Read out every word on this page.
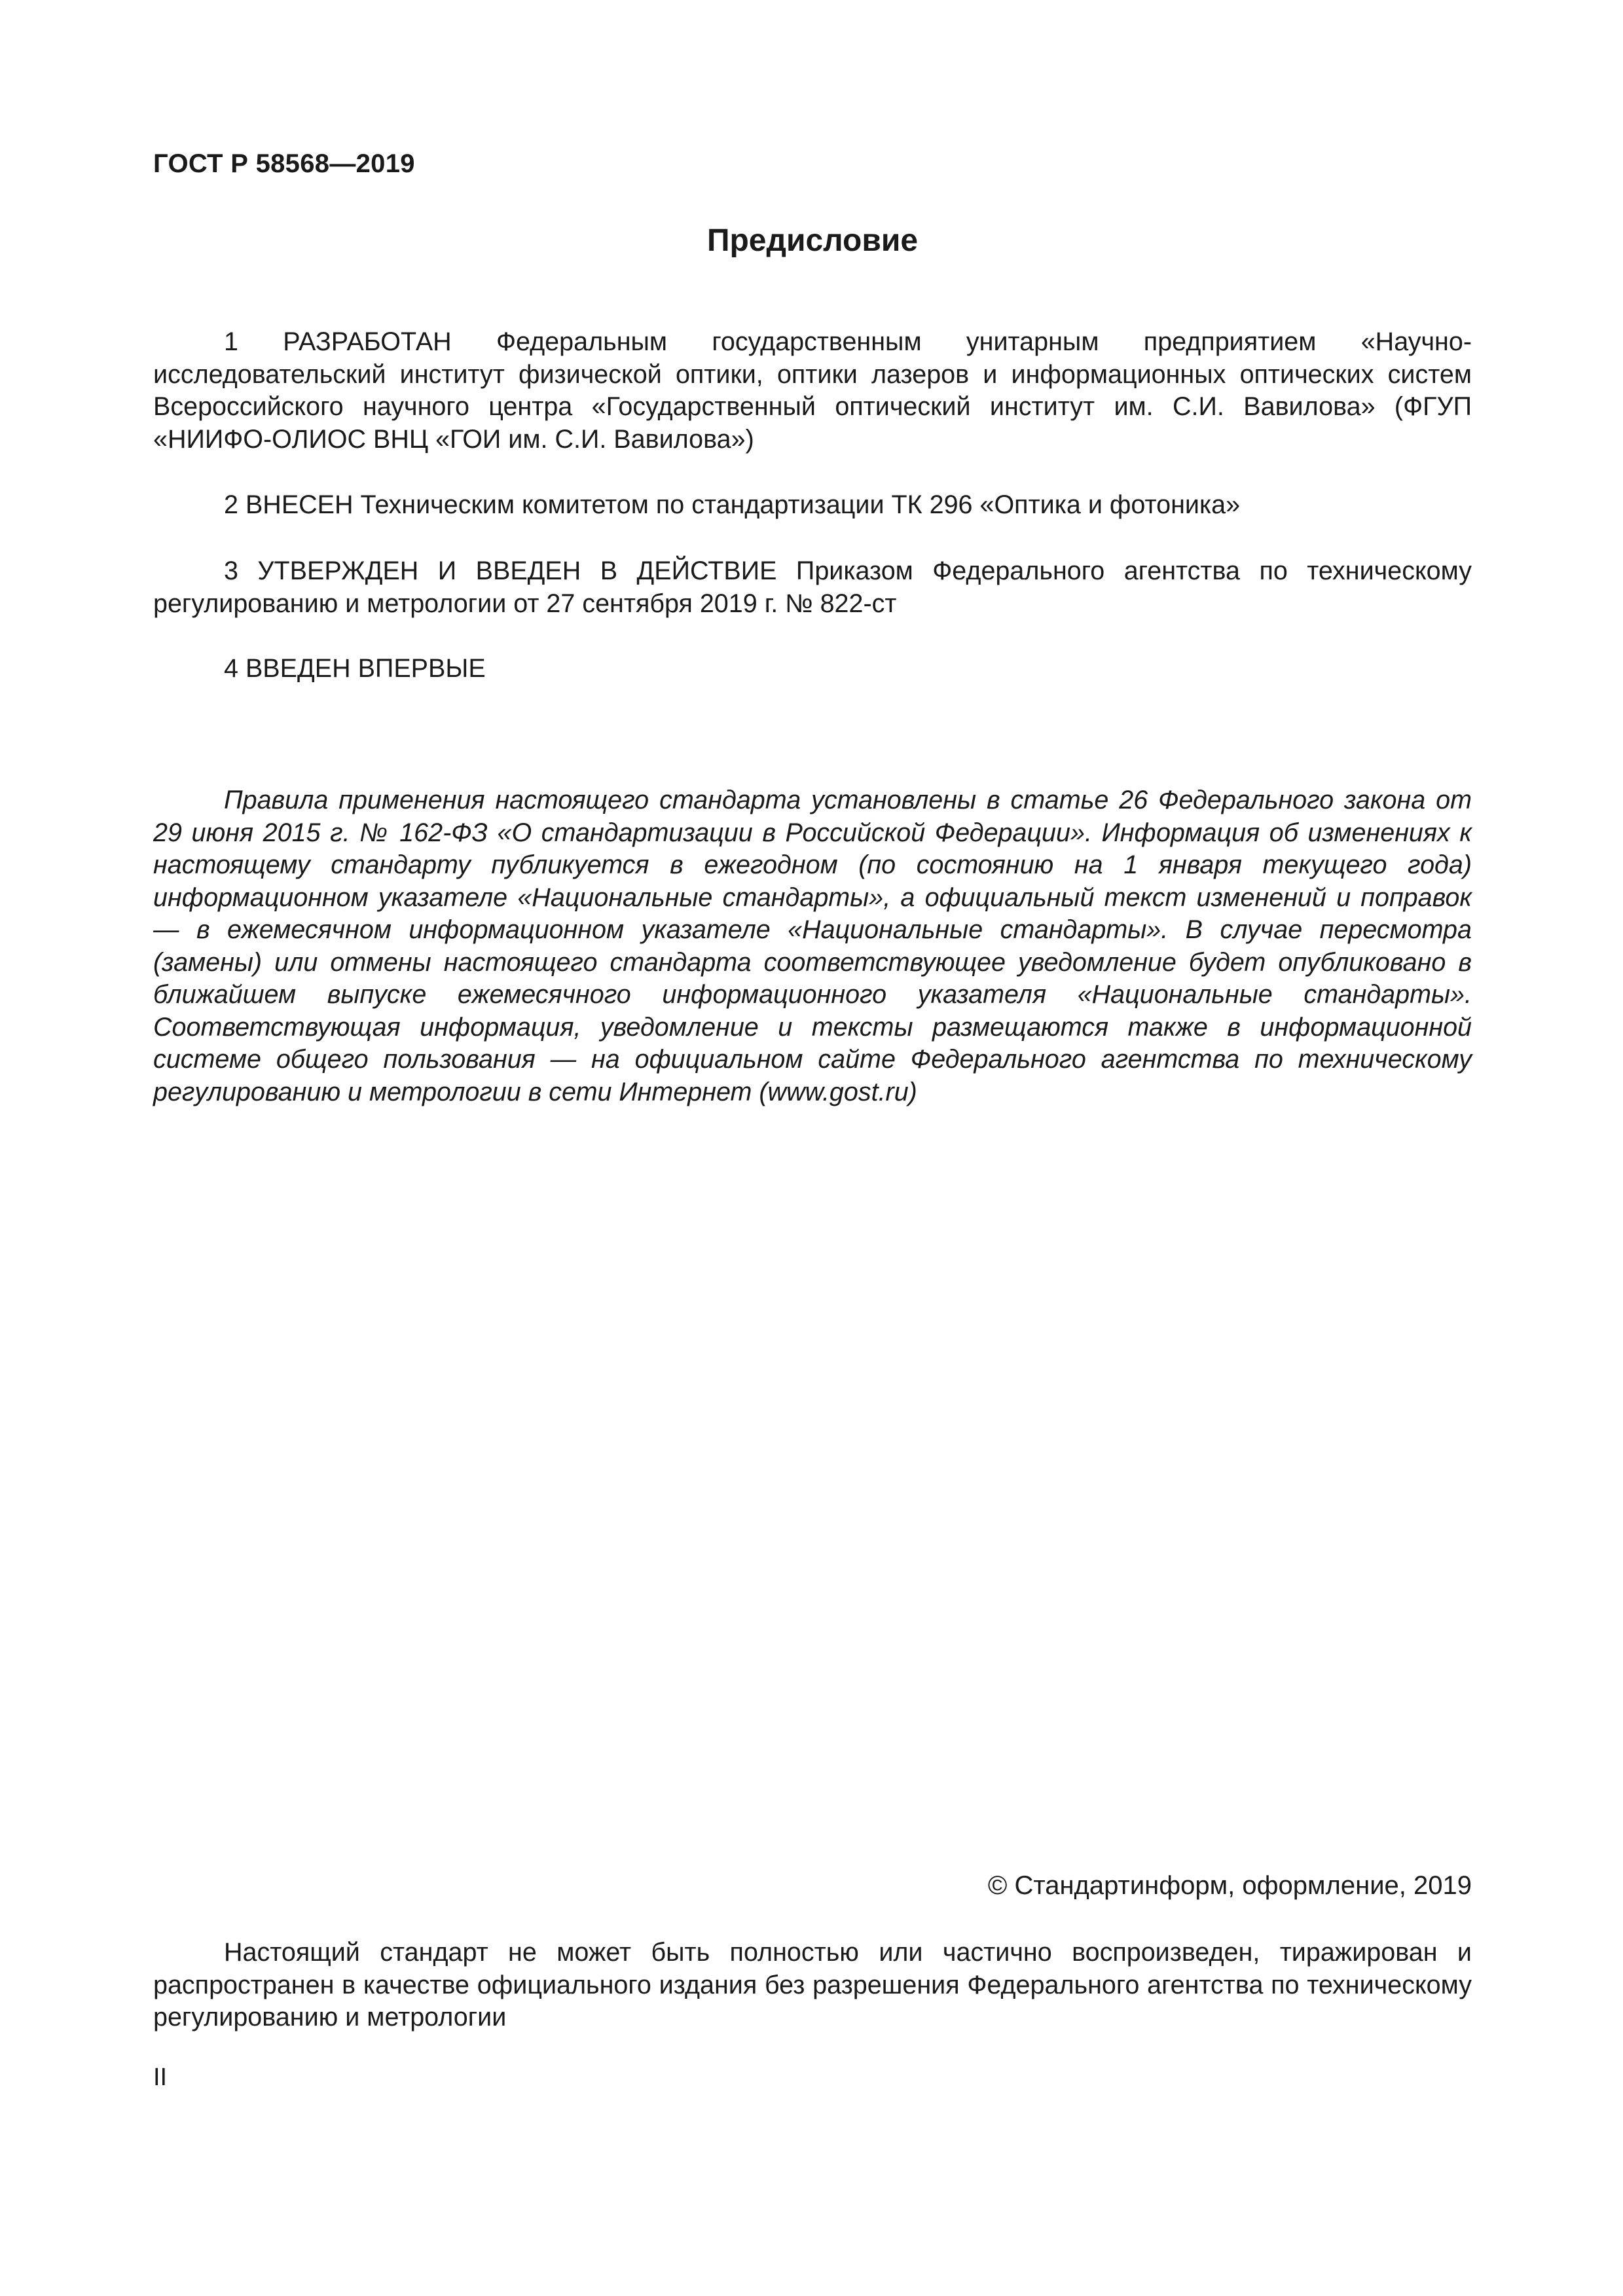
ГОСТ Р 58568—2019
Предисловие

1 РАЗРАБОТАН Федеральным государственным унитарным предприятием «Научно-исследовательский институт физической оптики, оптики лазеров и информационных оптических систем Всероссийского научного центра «Государственный оптический институт им. С.И. Вавилова» (ФГУП «НИИФО-ОЛИОС ВНЦ «ГОИ им. С.И. Вавилова»)

2 ВНЕСЕН Техническим комитетом по стандартизации ТК 296 «Оптика и фотоника»

3 УТВЕРЖДЕН И ВВЕДЕН В ДЕЙСТВИЕ Приказом Федерального агентства по техническому регулированию и метрологии от 27 сентября 2019 г. № 822-ст

4 ВВЕДЕН ВПЕРВЫЕ

Правила применения настоящего стандарта установлены в статье 26 Федерального закона от 29 июня 2015 г. № 162-ФЗ «О стандартизации в Российской Федерации». Информация об изменениях к настоящему стандарту публикуется в ежегодном (по состоянию на 1 января текущего года) информационном указателе «Национальные стандарты», а официальный текст изменений и поправок — в ежемесячном информационном указателе «Национальные стандарты». В случае пересмотра (замены) или отмены настоящего стандарта соответствующее уведомление будет опубликовано в ближайшем выпуске ежемесячного информационного указателя «Национальные стандарты». Соответствующая информация, уведомление и тексты размещаются также в информационной системе общего пользования — на официальном сайте Федерального агентства по техническому регулированию и метрологии в сети Интернет (www.gost.ru)

© Стандартинформ, оформление, 2019

Настоящий стандарт не может быть полностью или частично воспроизведен, тиражирован и распространен в качестве официального издания без разрешения Федерального агентства по техническому регулированию и метрологии

II
